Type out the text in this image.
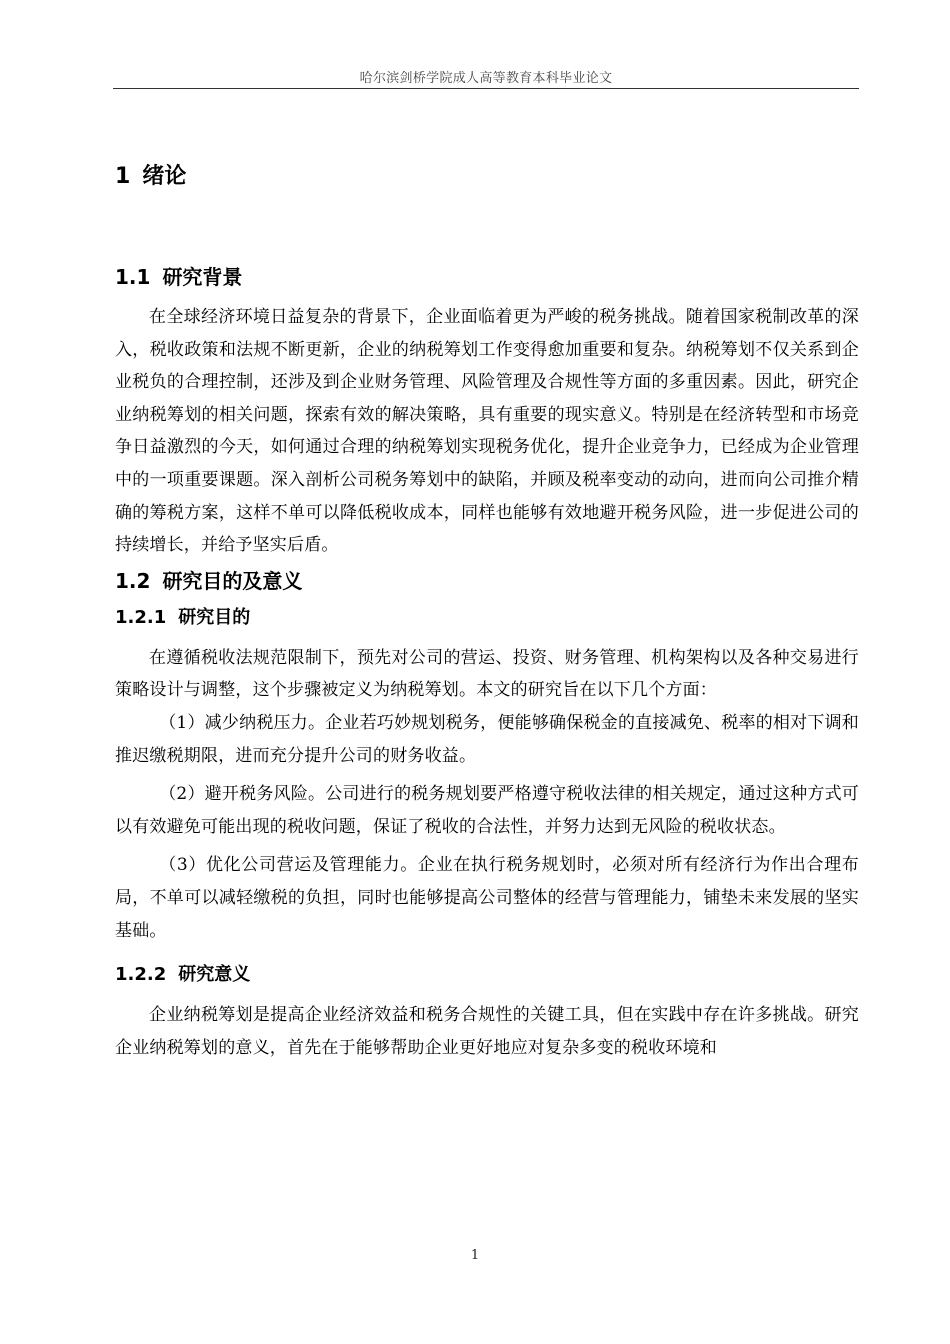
哈尔滨剑桥学院成人高等教育本科毕业论文
1 绪论
1.1 研究背景

在全球经济环境日益复杂的背景下，企业面临着更为严峻的税务挑战。随着国家税制改革的深入，税收政策和法规不断更新，企业的纳税筹划工作变得愈加重要和复杂。纳税筹划不仅关系到企业税负的合理控制，还涉及到企业财务管理、风险管理及合规性等方面的多重因素。因此，研究企业纳税筹划的相关问题，探索有效的解决策略，具有重要的现实意义。特别是在经济转型和市场竞争日益激烈的今天，如何通过合理的纳税筹划实现税务优化，提升企业竞争力，已经成为企业管理中的一项重要课题。深入剖析公司税务筹划中的缺陷，并顾及税率变动的动向，进而向公司推介精确的筹税方案，这样不单可以降低税收成本，同样也能够有效地避开税务风险，进一步促进公司的持续增长，并给予坚实后盾。

1.2 研究目的及意义
1.2.1 研究目的

在遵循税收法规范限制下，预先对公司的营运、投资、财务管理、机构架构以及各种交易进行策略设计与调整，这个步骤被定义为纳税筹划。本文的研究旨在以下几个方面：

（1）减少纳税压力。企业若巧妙规划税务，便能够确保税金的直接减免、税率的相对下调和推迟缴税期限，进而充分提升公司的财务收益。

（2）避开税务风险。公司进行的税务规划要严格遵守税收法律的相关规定，通过这种方式可以有效避免可能出现的税收问题，保证了税收的合法性，并努力达到无风险的税收状态。

（3）优化公司营运及管理能力。企业在执行税务规划时，必须对所有经济行为作出合理布局，不单可以减轻缴税的负担，同时也能够提高公司整体的经营与管理能力，铺垫未来发展的坚实基础。

1.2.2 研究意义

企业纳税筹划是提高企业经济效益和税务合规性的关键工具，但在实践中存在许多挑战。研究企业纳税筹划的意义，首先在于能够帮助企业更好地应对复杂多变的税收环境和

1
